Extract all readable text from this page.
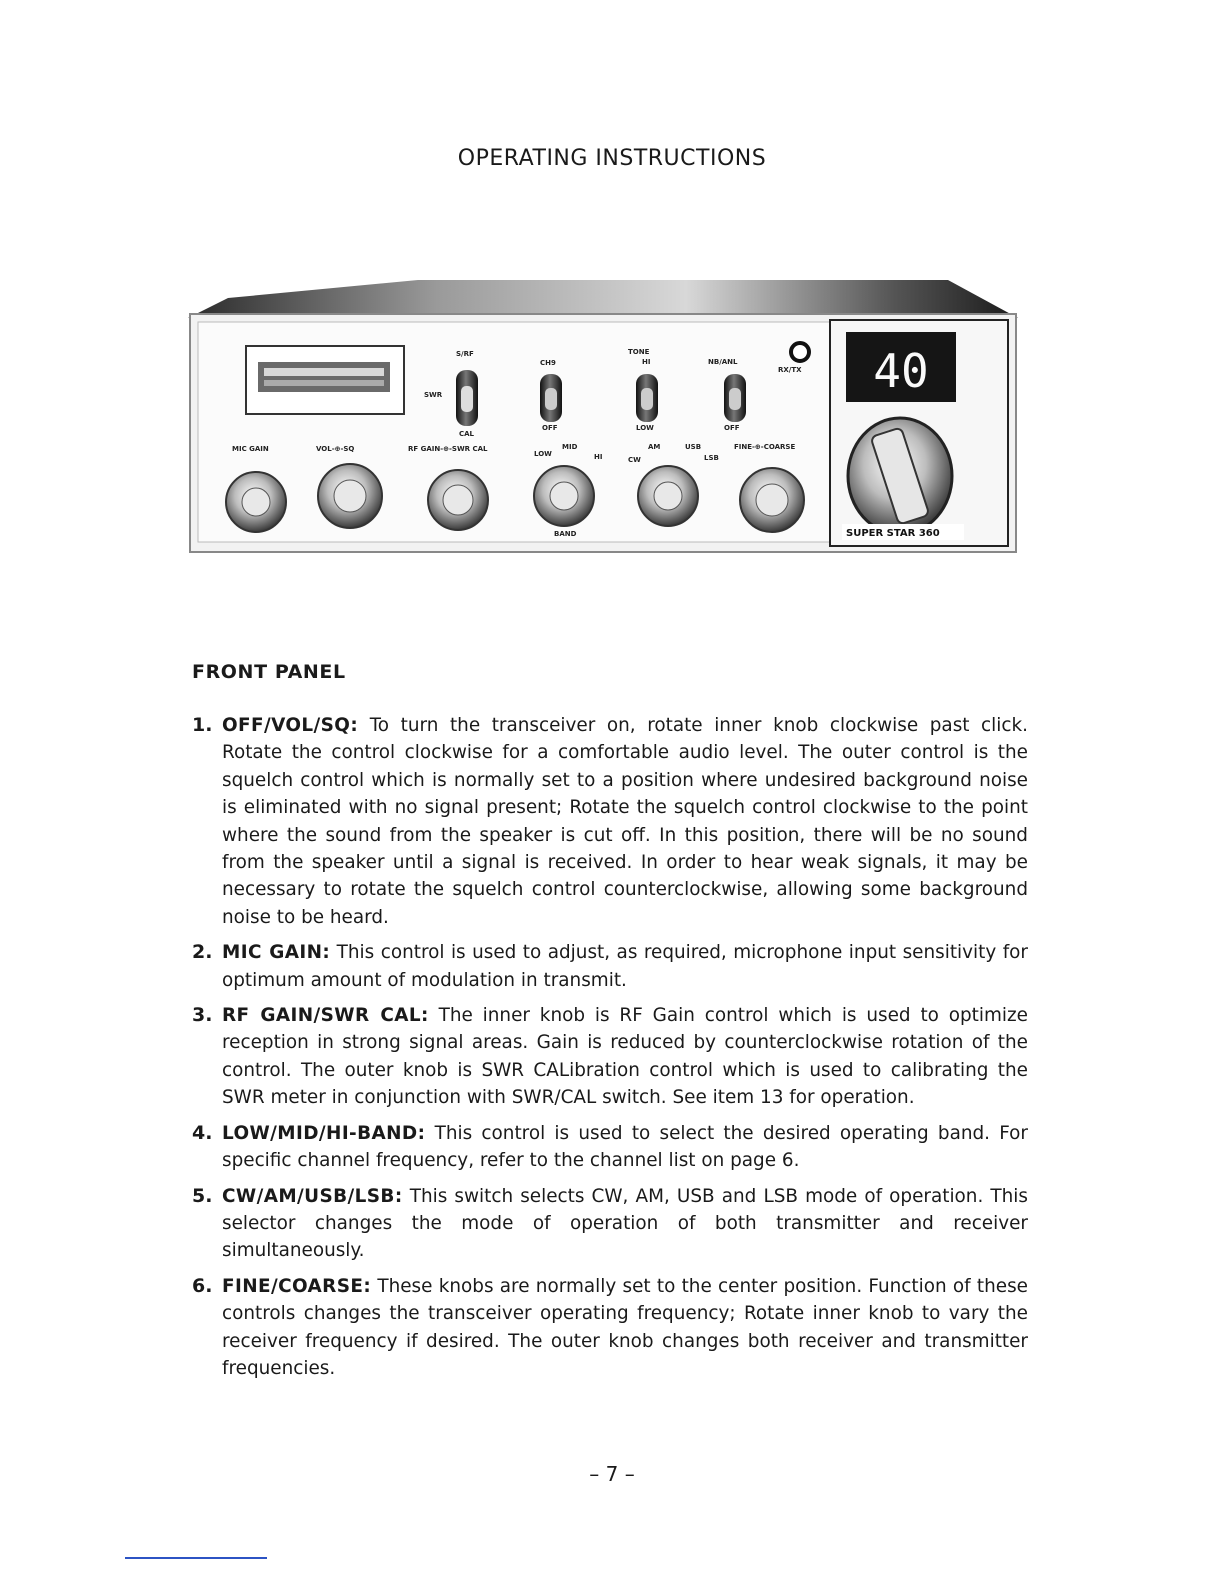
OPERATING INSTRUCTIONS
S/RF
SWR
CAL
CH9
TONE
HI
LOW
NB/ANL
OFF	OFF
RX/TX
MIC GAIN	VOL-⊕-SQ	RF GAIN-⊕-SWR CAL	MID
LOW	HI
AM
CW
USB
LSB
FINE-⊕-COARSE
BAND
40
SUPER STAR 360
FRONT PANEL
1. OFF/VOL/SQ: To turn the transceiver on, rotate inner knob clockwise past click. Rotate the control clockwise for a comfortable audio level. The outer control is the squelch control which is normally set to a position where undesired background noise is eliminated with no signal present; Rotate the squelch control clockwise to the point where the sound from the speaker is cut off. In this position, there will be no sound from the speaker until a signal is received. In order to hear weak signals, it may be necessary to rotate the squelch control counterclockwise, allowing some background noise to be heard.
2. MIC GAIN: This control is used to adjust, as required, microphone input sensitivity for optimum amount of modulation in transmit.
3. RF GAIN/SWR CAL: The inner knob is RF Gain control which is used to optimize reception in strong signal areas. Gain is reduced by counterclockwise rotation of the control. The outer knob is SWR CALibration control which is used to calibrating the SWR meter in conjunction with SWR/CAL switch. See item 13 for operation.
4. LOW/MID/HI-BAND: This control is used to select the desired operating band. For specific channel frequency, refer to the channel list on page 6.
5. CW/AM/USB/LSB: This switch selects CW, AM, USB and LSB mode of operation. This selector changes the mode of operation of both transmitter and receiver simultaneously.
6. FINE/COARSE: These knobs are normally set to the center position. Function of these controls changes the transceiver operating frequency; Rotate inner knob to vary the receiver frequency if desired. The outer knob changes both receiver and transmitter frequencies.
– 7 –
